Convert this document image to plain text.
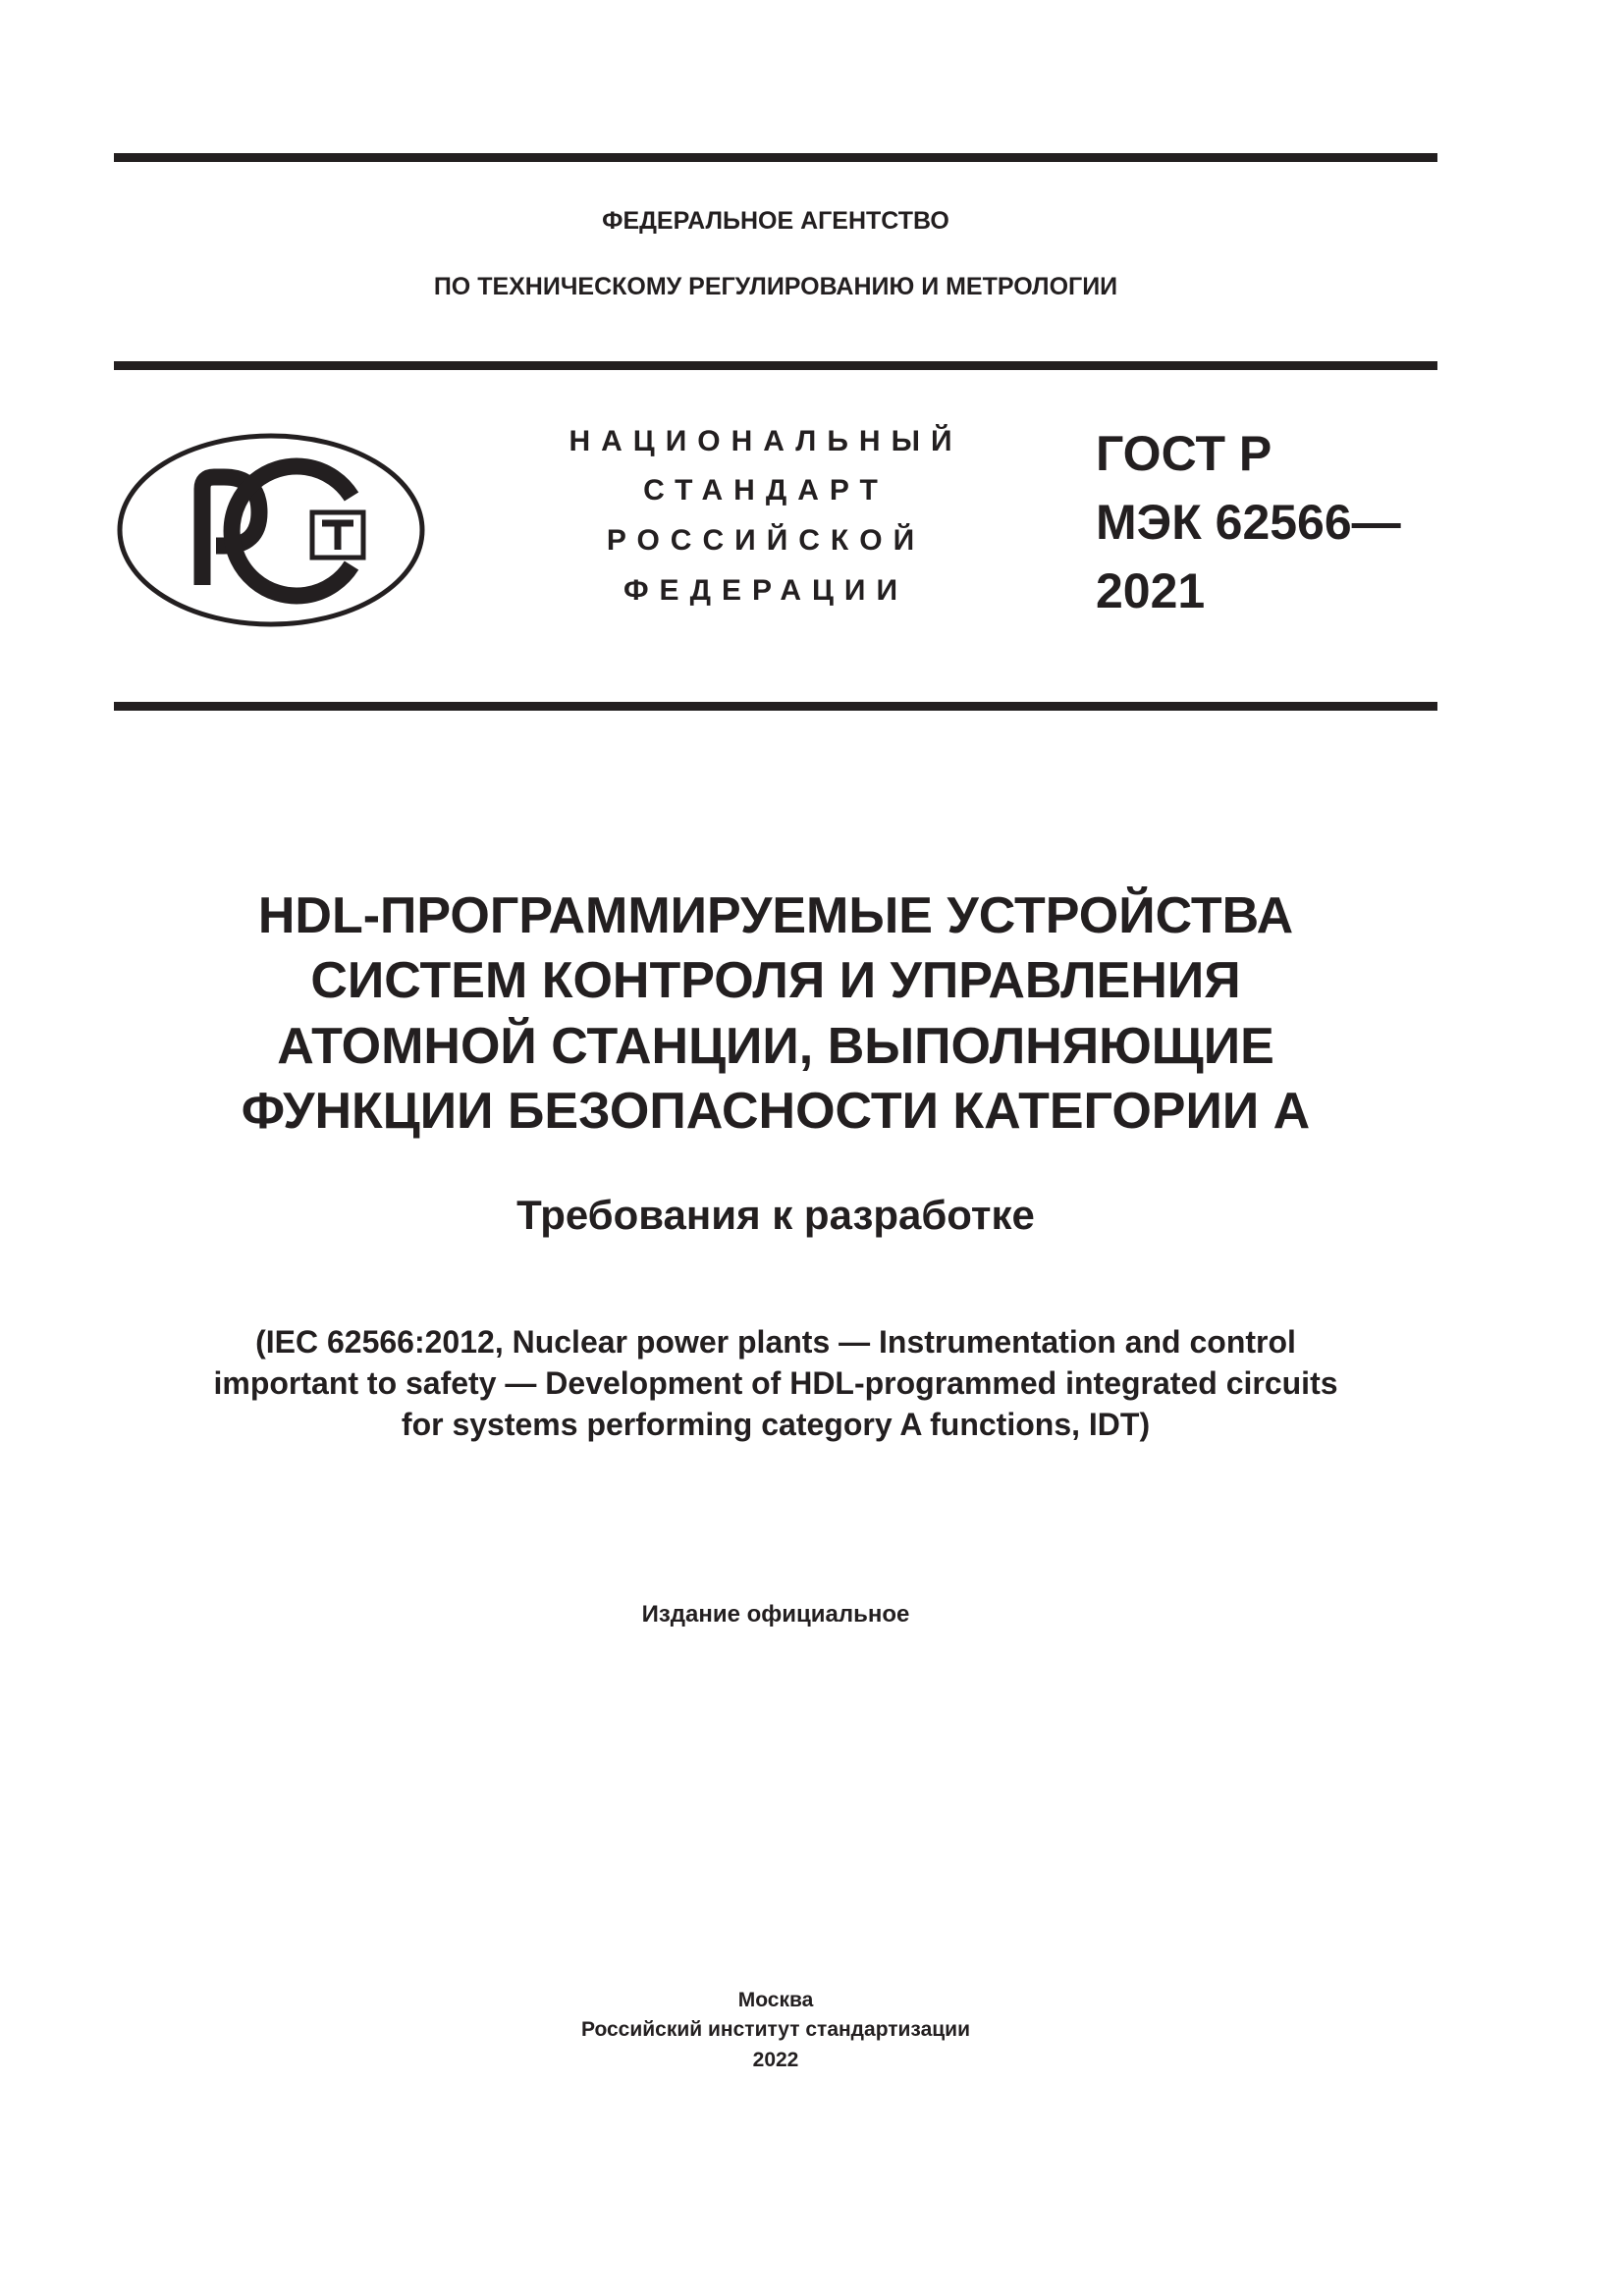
ФЕДЕРАЛЬНОЕ АГЕНТСТВО
ПО ТЕХНИЧЕСКОМУ РЕГУЛИРОВАНИЮ И МЕТРОЛОГИИ
НАЦИОНАЛЬНЫЙ
СТАНДАРТ
РОССИЙСКОЙ
ФЕДЕРАЦИИ
ГОСТ Р
МЭК 62566—
2021
HDL-ПРОГРАММИРУЕМЫЕ УСТРОЙСТВА
СИСТЕМ КОНТРОЛЯ И УПРАВЛЕНИЯ
АТОМНОЙ СТАНЦИИ, ВЫПОЛНЯЮЩИЕ
ФУНКЦИИ БЕЗОПАСНОСТИ КАТЕГОРИИ А
Требования к разработке
(IEC 62566:2012, Nuclear power plants — Instrumentation and control
important to safety — Development of HDL-programmed integrated circuits
for systems performing category A functions, IDT)
Издание официальное
Москва
Российский институт стандартизации
2022
